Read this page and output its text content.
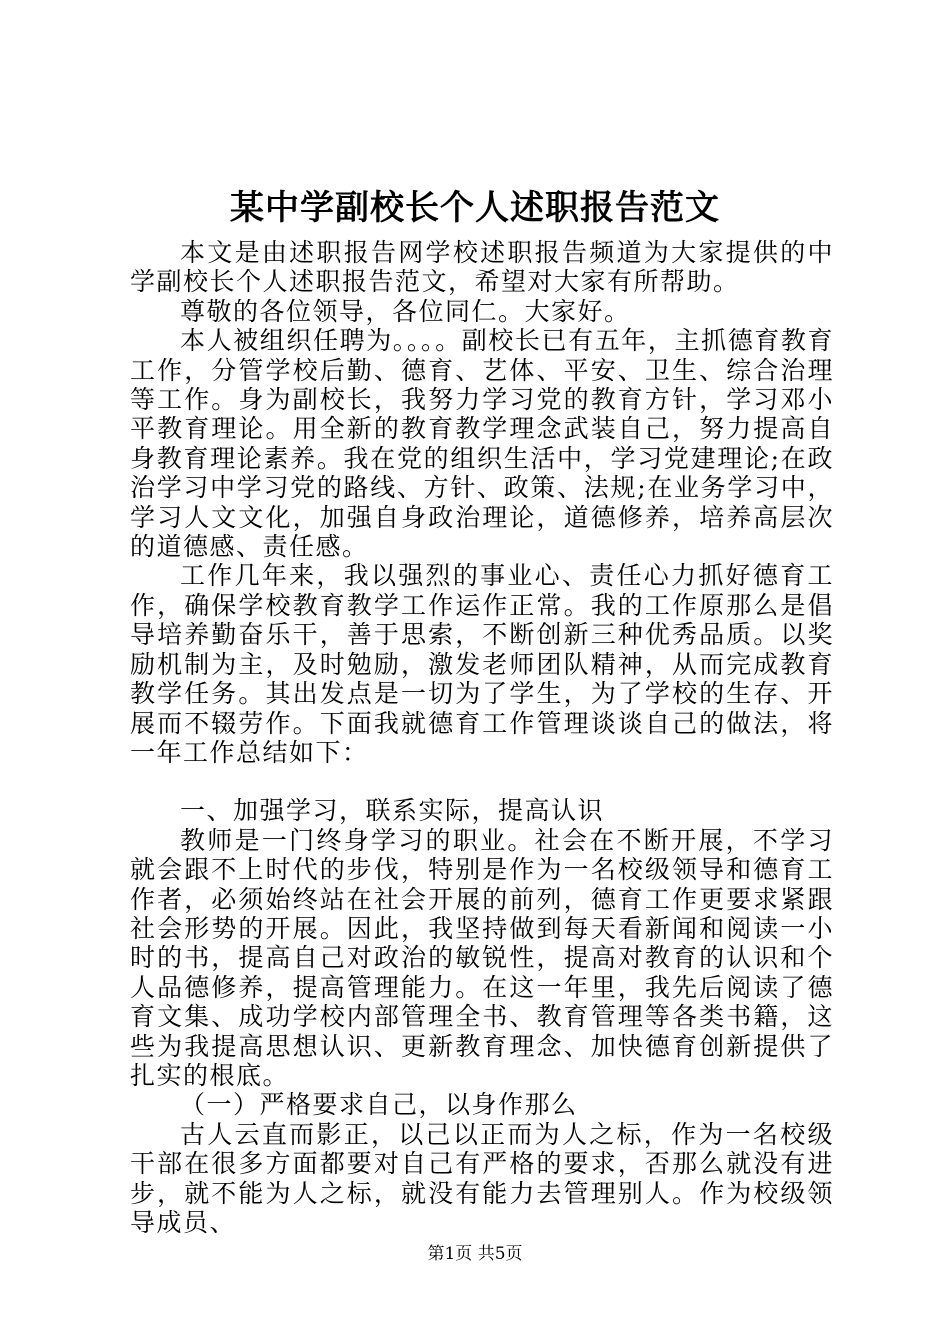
某中学副校长个人述职报告范文

本文是由述职报告网学校述职报告频道为大家提供的中学副校长个人述职报告范文，希望对大家有所帮助。

尊敬的各位领导，各位同仁。大家好。

本人被组织任聘为。。。。副校长已有五年，主抓德育教育工作，分管学校后勤、德育、艺体、平安、卫生、综合治理等工作。身为副校长，我努力学习党的教育方针，学习邓小平教育理论。用全新的教育教学理念武装自己，努力提高自身教育理论素养。我在党的组织生活中，学习党建理论;在政治学习中学习党的路线、方针、政策、法规;在业务学习中，学习人文文化，加强自身政治理论，道德修养，培养高层次的道德感、责任感。

工作几年来，我以强烈的事业心、责任心力抓好德育工作，确保学校教育教学工作运作正常。我的工作原那么是倡导培养勤奋乐干，善于思索，不断创新三种优秀品质。以奖励机制为主，及时勉励，激发老师团队精神，从而完成教育教学任务。其出发点是一切为了学生，为了学校的生存、开展而不辍劳作。下面我就德育工作管理谈谈自己的做法，将一年工作总结如下：

一、加强学习，联系实际，提高认识

教师是一门终身学习的职业。社会在不断开展，不学习就会跟不上时代的步伐，特别是作为一名校级领导和德育工作者，必须始终站在社会开展的前列，德育工作更要求紧跟社会形势的开展。因此，我坚持做到每天看新闻和阅读一小时的书，提高自己对政治的敏锐性，提高对教育的认识和个人品德修养，提高管理能力。在这一年里，我先后阅读了德育文集、成功学校内部管理全书、教育管理等各类书籍，这些为我提高思想认识、更新教育理念、加快德育创新提供了扎实的根底。

（一）严格要求自己，以身作那么

古人云直而影正，以己以正而为人之标，作为一名校级干部在很多方面都要对自己有严格的要求，否那么就没有进步，就不能为人之标，就没有能力去管理别人。作为校级领导成员、

第1页 共5页
